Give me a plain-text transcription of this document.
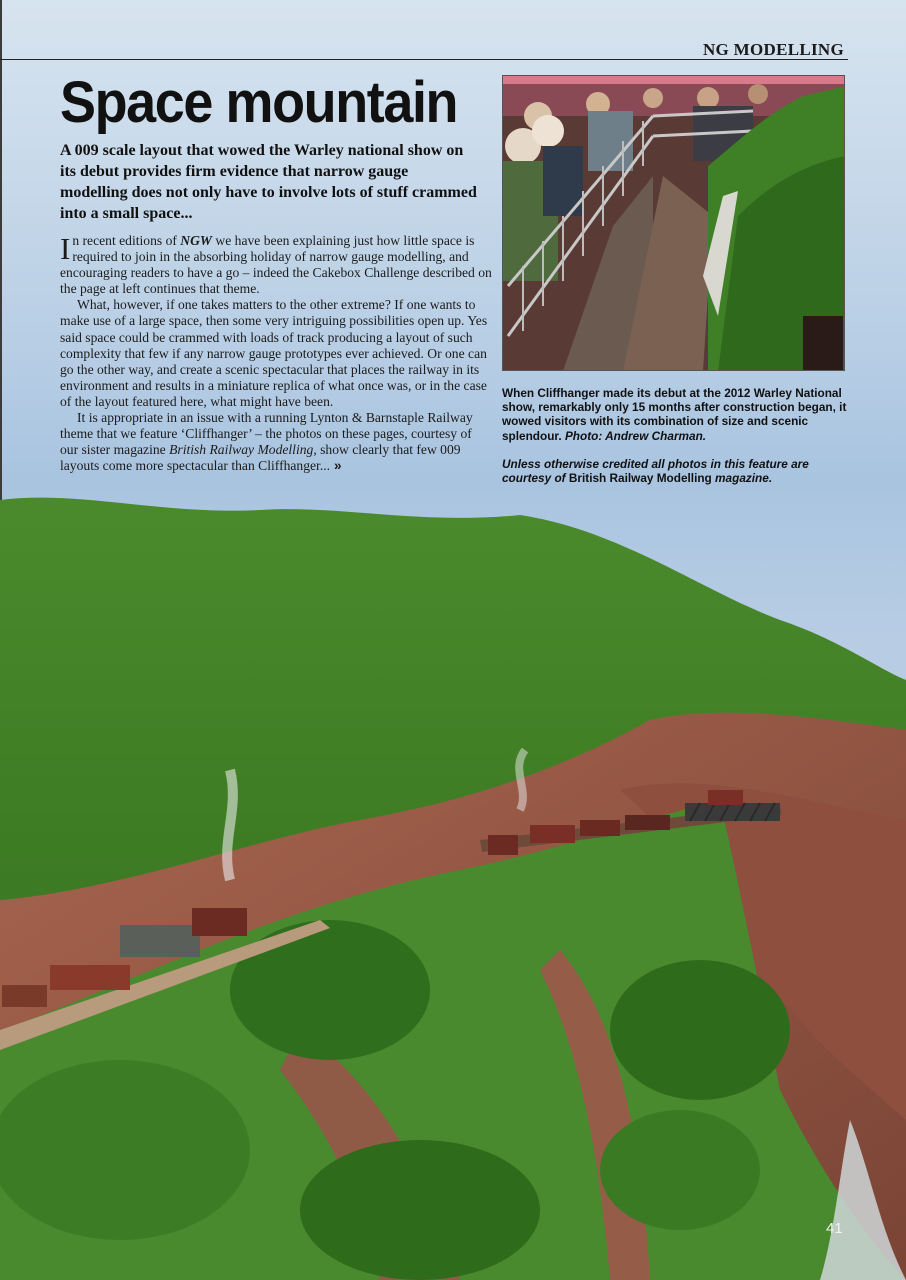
NG MODELLING
Space mountain

A 009 scale layout that wowed the Warley national show on its debut provides firm evidence that narrow gauge modelling does not only have to involve lots of stuff crammed into a small space...

In recent editions of NGW we have been explaining just how little space is required to join in the absorbing holiday of narrow gauge modelling, and encouraging readers to have a go – indeed the Cakebox Challenge described on the page at left continues that theme.

What, however, if one takes matters to the other extreme? If one wants to make use of a large space, then some very intriguing possibilities open up. Yes said space could be crammed with loads of track producing a layout of such complexity that few if any narrow gauge prototypes ever achieved. Or one can go the other way, and create a scenic spectacular that places the railway in its environment and results in a miniature replica of what once was, or in the case of the layout featured here, what might have been.

It is appropriate in an issue with a running Lynton & Barnstaple Railway theme that we feature ‘Cliffhanger’ – the photos on these pages, courtesy of our sister magazine British Railway Modelling, show clearly that few 009 layouts come more spectacular than Cliffhanger... »

When Cliffhanger made its debut at the 2012 Warley National show, remarkably only 15 months after construction began, it wowed visitors with its combination of size and scenic splendour. Photo: Andrew Charman.

Unless otherwise credited all photos in this feature are courtesy of British Railway Modelling magazine.

41
